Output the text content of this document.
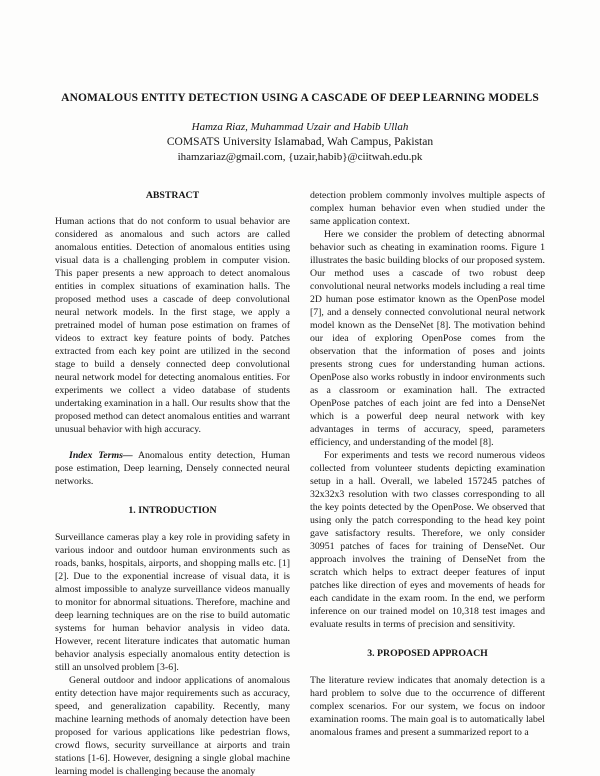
ANOMALOUS ENTITY DETECTION USING A CASCADE OF DEEP LEARNING MODELS
Hamza Riaz, Muhammad Uzair and Habib Ullah
COMSATS University Islamabad, Wah Campus, Pakistan
ihamzariaz@gmail.com, {uzair,habib}@ciitwah.edu.pk
ABSTRACT

Human actions that do not conform to usual behavior are considered as anomalous and such actors are called anomalous entities. Detection of anomalous entities using visual data is a challenging problem in computer vision. This paper presents a new approach to detect anomalous entities in complex situations of examination halls. The proposed method uses a cascade of deep convolutional neural network models. In the first stage, we apply a pretrained model of human pose estimation on frames of videos to extract key feature points of body. Patches extracted from each key point are utilized in the second stage to build a densely connected deep convolutional neural network model for detecting anomalous entities. For experiments we collect a video database of students undertaking examination in a hall. Our results show that the proposed method can detect anomalous entities and warrant unusual behavior with high accuracy.

Index Terms— Anomalous entity detection, Human pose estimation, Deep learning, Densely connected neural networks.

1. INTRODUCTION

Surveillance cameras play a key role in providing safety in various indoor and outdoor human environments such as roads, banks, hospitals, airports, and shopping malls etc. [1][2]. Due to the exponential increase of visual data, it is almost impossible to analyze surveillance videos manually to monitor for abnormal situations. Therefore, machine and deep learning techniques are on the rise to build automatic systems for human behavior analysis in video data. However, recent literature indicates that automatic human behavior analysis especially anomalous entity detection is still an unsolved problem [3-6].

General outdoor and indoor applications of anomalous entity detection have major requirements such as accuracy, speed, and generalization capability. Recently, many machine learning methods of anomaly detection have been proposed for various applications like pedestrian flows, crowd flows, security surveillance at airports and train stations [1-6]. However, designing a single global machine learning model is challenging because the anomaly

detection problem commonly involves multiple aspects of complex human behavior even when studied under the same application context.

Here we consider the problem of detecting abnormal behavior such as cheating in examination rooms. Figure 1 illustrates the basic building blocks of our proposed system. Our method uses a cascade of two robust deep convolutional neural networks models including a real time 2D human pose estimator known as the OpenPose model [7], and a densely connected convolutional neural network model known as the DenseNet [8]. The motivation behind our idea of exploring OpenPose comes from the observation that the information of poses and joints presents strong cues for understanding human actions. OpenPose also works robustly in indoor environments such as a classroom or examination hall. The extracted OpenPose patches of each joint are fed into a DenseNet which is a powerful deep neural network with key advantages in terms of accuracy, speed, parameters efficiency, and understanding of the model [8].

For experiments and tests we record numerous videos collected from volunteer students depicting examination setup in a hall. Overall, we labeled 157245 patches of 32x32x3 resolution with two classes corresponding to all the key points detected by the OpenPose. We observed that using only the patch corresponding to the head key point gave satisfactory results. Therefore, we only consider 30951 patches of faces for training of DenseNet. Our approach involves the training of DenseNet from the scratch which helps to extract deeper features of input patches like direction of eyes and movements of heads for each candidate in the exam room. In the end, we perform inference on our trained model on 10,318 test images and evaluate results in terms of precision and sensitivity.

3. PROPOSED APPROACH

The literature review indicates that anomaly detection is a hard problem to solve due to the occurrence of different complex scenarios. For our system, we focus on indoor examination rooms. The main goal is to automatically label anomalous frames and present a summarized report to a
